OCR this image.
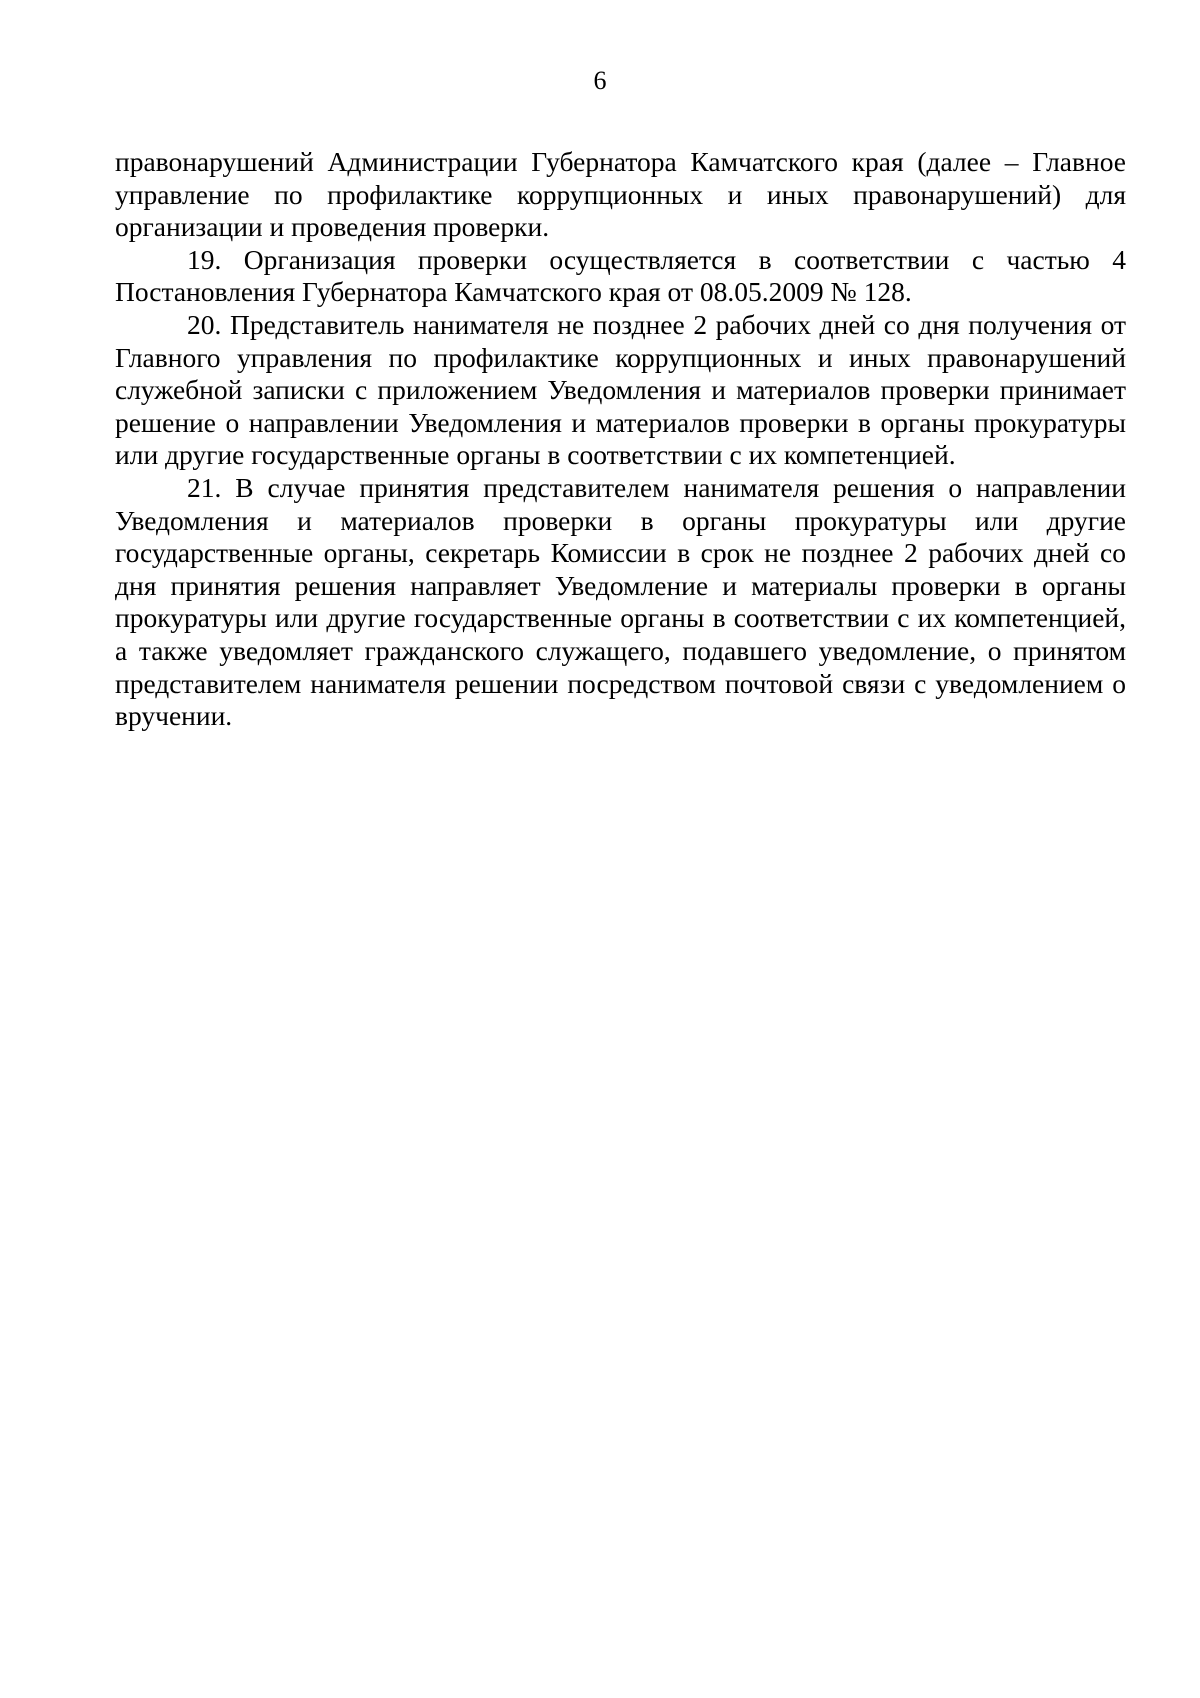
6

правонарушений Администрации Губернатора Камчатского края (далее – Главное управление по профилактике коррупционных и иных правонарушений) для организации и проведения проверки.

19. Организация проверки осуществляется в соответствии с частью 4 Постановления Губернатора Камчатского края от 08.05.2009 № 128.

20. Представитель нанимателя не позднее 2 рабочих дней со дня получения от Главного управления по профилактике коррупционных и иных правонарушений служебной записки с приложением Уведомления и материалов проверки принимает решение о направлении Уведомления и материалов проверки в органы прокуратуры или другие государственные органы в соответствии с их компетенцией.

21. В случае принятия представителем нанимателя решения о направлении Уведомления и материалов проверки в органы прокуратуры или другие государственные органы, секретарь Комиссии в срок не позднее 2 рабочих дней со дня принятия решения направляет Уведомление и материалы проверки в органы прокуратуры или другие государственные органы в соответствии с их компетенцией, а также уведомляет гражданского служащего, подавшего уведомление, о принятом представителем нанимателя решении посредством почтовой связи с уведомлением о вручении.
